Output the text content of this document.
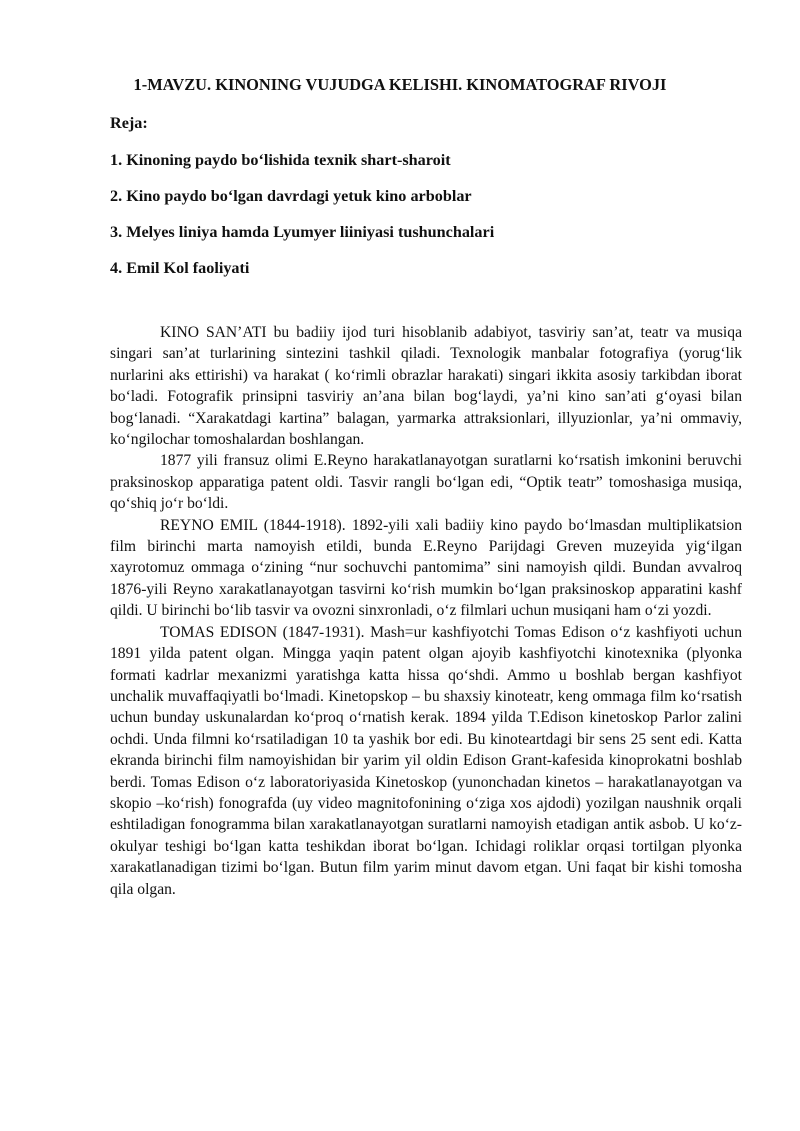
1-MAVZU. KINONING VUJUDGA KELISHI. KINOMATOGRAF RIVOJI
Reja:
1. Kinoning paydo bo‘lishida texnik shart-sharoit
2. Kino paydo bo‘lgan davrdagi yetuk kino arboblar
3. Melyes liniya hamda Lyumyer liiniyasi tushunchalari
4. Emil Kol faoliyati

KINO SAN’ATI bu badiiy ijod turi hisoblanib adabiyot, tasviriy san’at, teatr va musiqa singari san’at turlarining sintezini tashkil qiladi. Texnologik manbalar fotografiya (yorug‘lik nurlarini aks ettirishi) va harakat ( ko‘rimli obrazlar harakati) singari ikkita asosiy tarkibdan iborat bo‘ladi. Fotografik prinsipni tasviriy an’ana bilan bog‘laydi, ya’ni kino san’ati g‘oyasi bilan bog‘lanadi. “Xarakatdagi kartina” balagan, yarmarka attraksionlari, illyuzionlar, ya’ni ommaviy, ko‘ngilochar tomoshalardan boshlangan.

1877 yili fransuz olimi E.Reyno harakatlanayotgan suratlarni ko‘rsatish imkonini beruvchi praksinoskop apparatiga patent oldi. Tasvir rangli bo‘lgan edi, “Optik teatr” tomoshasiga musiqa, qo‘shiq jo‘r bo‘ldi.

REYNO EMIL (1844-1918). 1892-yili xali badiiy kino paydo bo‘lmasdan multiplikatsion film birinchi marta namoyish etildi, bunda E.Reyno Parijdagi Greven muzeyida yig‘ilgan xayrotomuz ommaga o‘zining “nur sochuvchi pantomima” sini namoyish qildi. Bundan avvalroq 1876-yili Reyno xarakatlanayotgan tasvirni ko‘rish mumkin bo‘lgan praksinoskop apparatini kashf qildi. U birinchi bo‘lib tasvir va ovozni sinxronladi, o‘z filmlari uchun musiqani ham o‘zi yozdi.

TOMAS EDISON (1847-1931). Mash=ur kashfiyotchi Tomas Edison o‘z kashfiyoti uchun 1891 yilda patent olgan. Mingga yaqin patent olgan ajoyib kashfiyotchi kinotexnika (plyonka formati kadrlar mexanizmi yaratishga katta hissa qo‘shdi. Ammo u boshlab bergan kashfiyot unchalik muvaffaqiyatli bo‘lmadi. Kinetopskop – bu shaxsiy kinoteatr, keng ommaga film ko‘rsatish uchun bunday uskunalardan ko‘proq o‘rnatish kerak. 1894 yilda T.Edison kinetoskop Parlor zalini ochdi. Unda filmni ko‘rsatiladigan 10 ta yashik bor edi. Bu kinoteartdagi bir sens 25 sent edi. Katta ekranda birinchi film namoyishidan bir yarim yil oldin Edison Grant-kafesida kinoprokatni boshlab berdi. Tomas Edison o‘z laboratoriyasida Kinetoskop (yunonchadan kinetos – harakatlanayotgan va skopio –ko‘rish) fonografda (uy video magnitofonining o‘ziga xos ajdodi) yozilgan naushnik orqali eshtiladigan fonogramma bilan xarakatlanayotgan suratlarni namoyish etadigan antik asbob. U ko‘z-okulyar teshigi bo‘lgan katta teshikdan iborat bo‘lgan. Ichidagi roliklar orqasi tortilgan plyonka xarakatlanadigan tizimi bo‘lgan. Butun film yarim minut davom etgan. Uni faqat bir kishi tomosha qila olgan.
